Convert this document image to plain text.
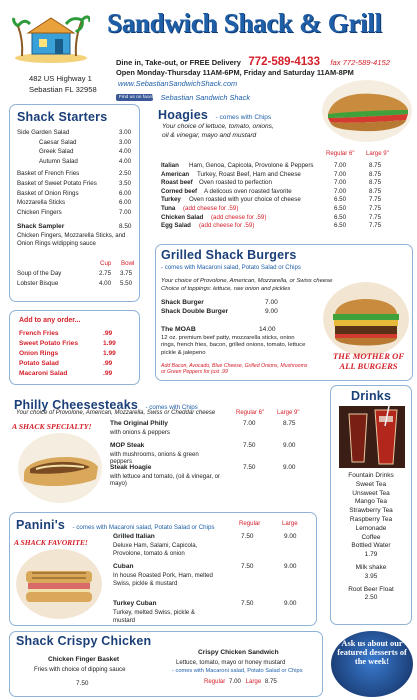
482 US Highway 1
Sebastian FL 32958
Sandwich Shack & Grill
Dine in, Take-out, or FREE Delivery 772-589-4133 fax 772-589-4152
Open Monday-Thursday 11AM-6PM, Friday and Saturday 11AM-8PM
www.SebastianSandwichShack.com
Find us on facebook Sebastian Sandwich Shack
Shack Starters
Side Garden Salad	3.00
Caesar Salad	3.00
Greek Salad	4.00
Autumn Salad	4.00
Basket of French Fries	2.50
Basket of Sweet Potato Fries	3.50
Basket of Onion Rings	6.00
Mozzarella Sticks	6.00
Chicken Fingers	7.00
Shack Sampler	8.50
Chicken Fingers, Mozzarella Sticks, and Onion Rings w/dipping sauce
Cup Bowl
Soup of the Day	2.75 3.75
Lobster Bisque	4.00 5.50
Add to any order...
French Fries	.99
Sweet Potato Fries	1.99
Onion Rings	1.99
Potato Salad	.99
Macaroni Salad	.99
Hoagies - comes with Chips
Your choice of lettuce, tomato, onions,
oil & vinegar, mayo and mustard
Regular 6" Large 9"
Italian Ham, Genoa, Capicola, Provolone & Peppers	7.00	8.75
American Turkey, Roast Beef, Ham and Cheese	7.00	8.75
Roast beef Oven roasted to perfection	7.00	8.75
Corned beef A delicous oven roasted favorite	7.00	8.75
Turkey Oven roasted with your choice of cheese	6.50	7.75
Tuna (add cheese for .59)	6.50	7.75
Chicken Salad (add cheese for .59)	6.50	7.75
Egg Salad (add cheese for .59)	6.50	7.75
Grilled Shack Burgers
- comes with Macaroni salad, Potato Salad or Chips
Your choice of Provolone, American, Mozzarella, or Swiss cheese
Choice of toppings: lettuce, raw onion and pickles
Shack Burger	7.00
Shack Double Burger	9.00
The MOAB	14.00
12 oz. premium beef patty, mozzarella sticks, onion rings, french fries, bacon, grilled onions, tomato, lettuce pickle & jalepeno
Add Bacon, Avocado, Blue Cheese, Grilled Onions, Mushrooms or Green Peppers for just .99
THE MOTHER OF ALL BURGERS
Philly Cheesesteaks - comes with Chips
Your choice of Provolone, American, Mozzarella, Swiss or Cheddar cheese	Regular 6" Large 9"
The Original Philly
with onions & peppers
7.00	8.75
MOP Steak
with mushrooms, onions & green peppers
7.50	9.00
Steak Hoagie
with lettuce and tomato, (oil & vinegar, or mayo)
7.50	9.00
A SHACK SPECIALTY!
Panini's - comes with Macaroni salad, Potato Salad or Chips
Regular	Large
Grilled Italian
Deluxe Ham, Salami, Capicola, Provolone, tomato & onion
7.50	9.00
Cuban
In house Roasted Pork, Ham, melted Swiss, pickle & mustard
7.50	9.00
Turkey Cuban
Turkey, melted Swiss, pickle & mustard
7.50	9.00
A SHACK FAVORITE!
Drinks
Fountain Drinks
Sweet Tea
Unsweet Tea
Mango Tea
Strawberry Tea
Raspberry Tea
Lemonade
Coffee
Bottled Water
1.79
Milk shake
3.95
Root Beer Float
2.50
Shack Crispy Chicken
Chicken Finger Basket
Fries with choice of dipping sauce
7.50
Crispy Chicken Sandwich
Lettuce, tomato, mayo or honey mustard
- comes with Macaroni salad, Potato Salad or Chips
Regular 7.00 Large 8.75
Ask us about our featured desserts of the week!
